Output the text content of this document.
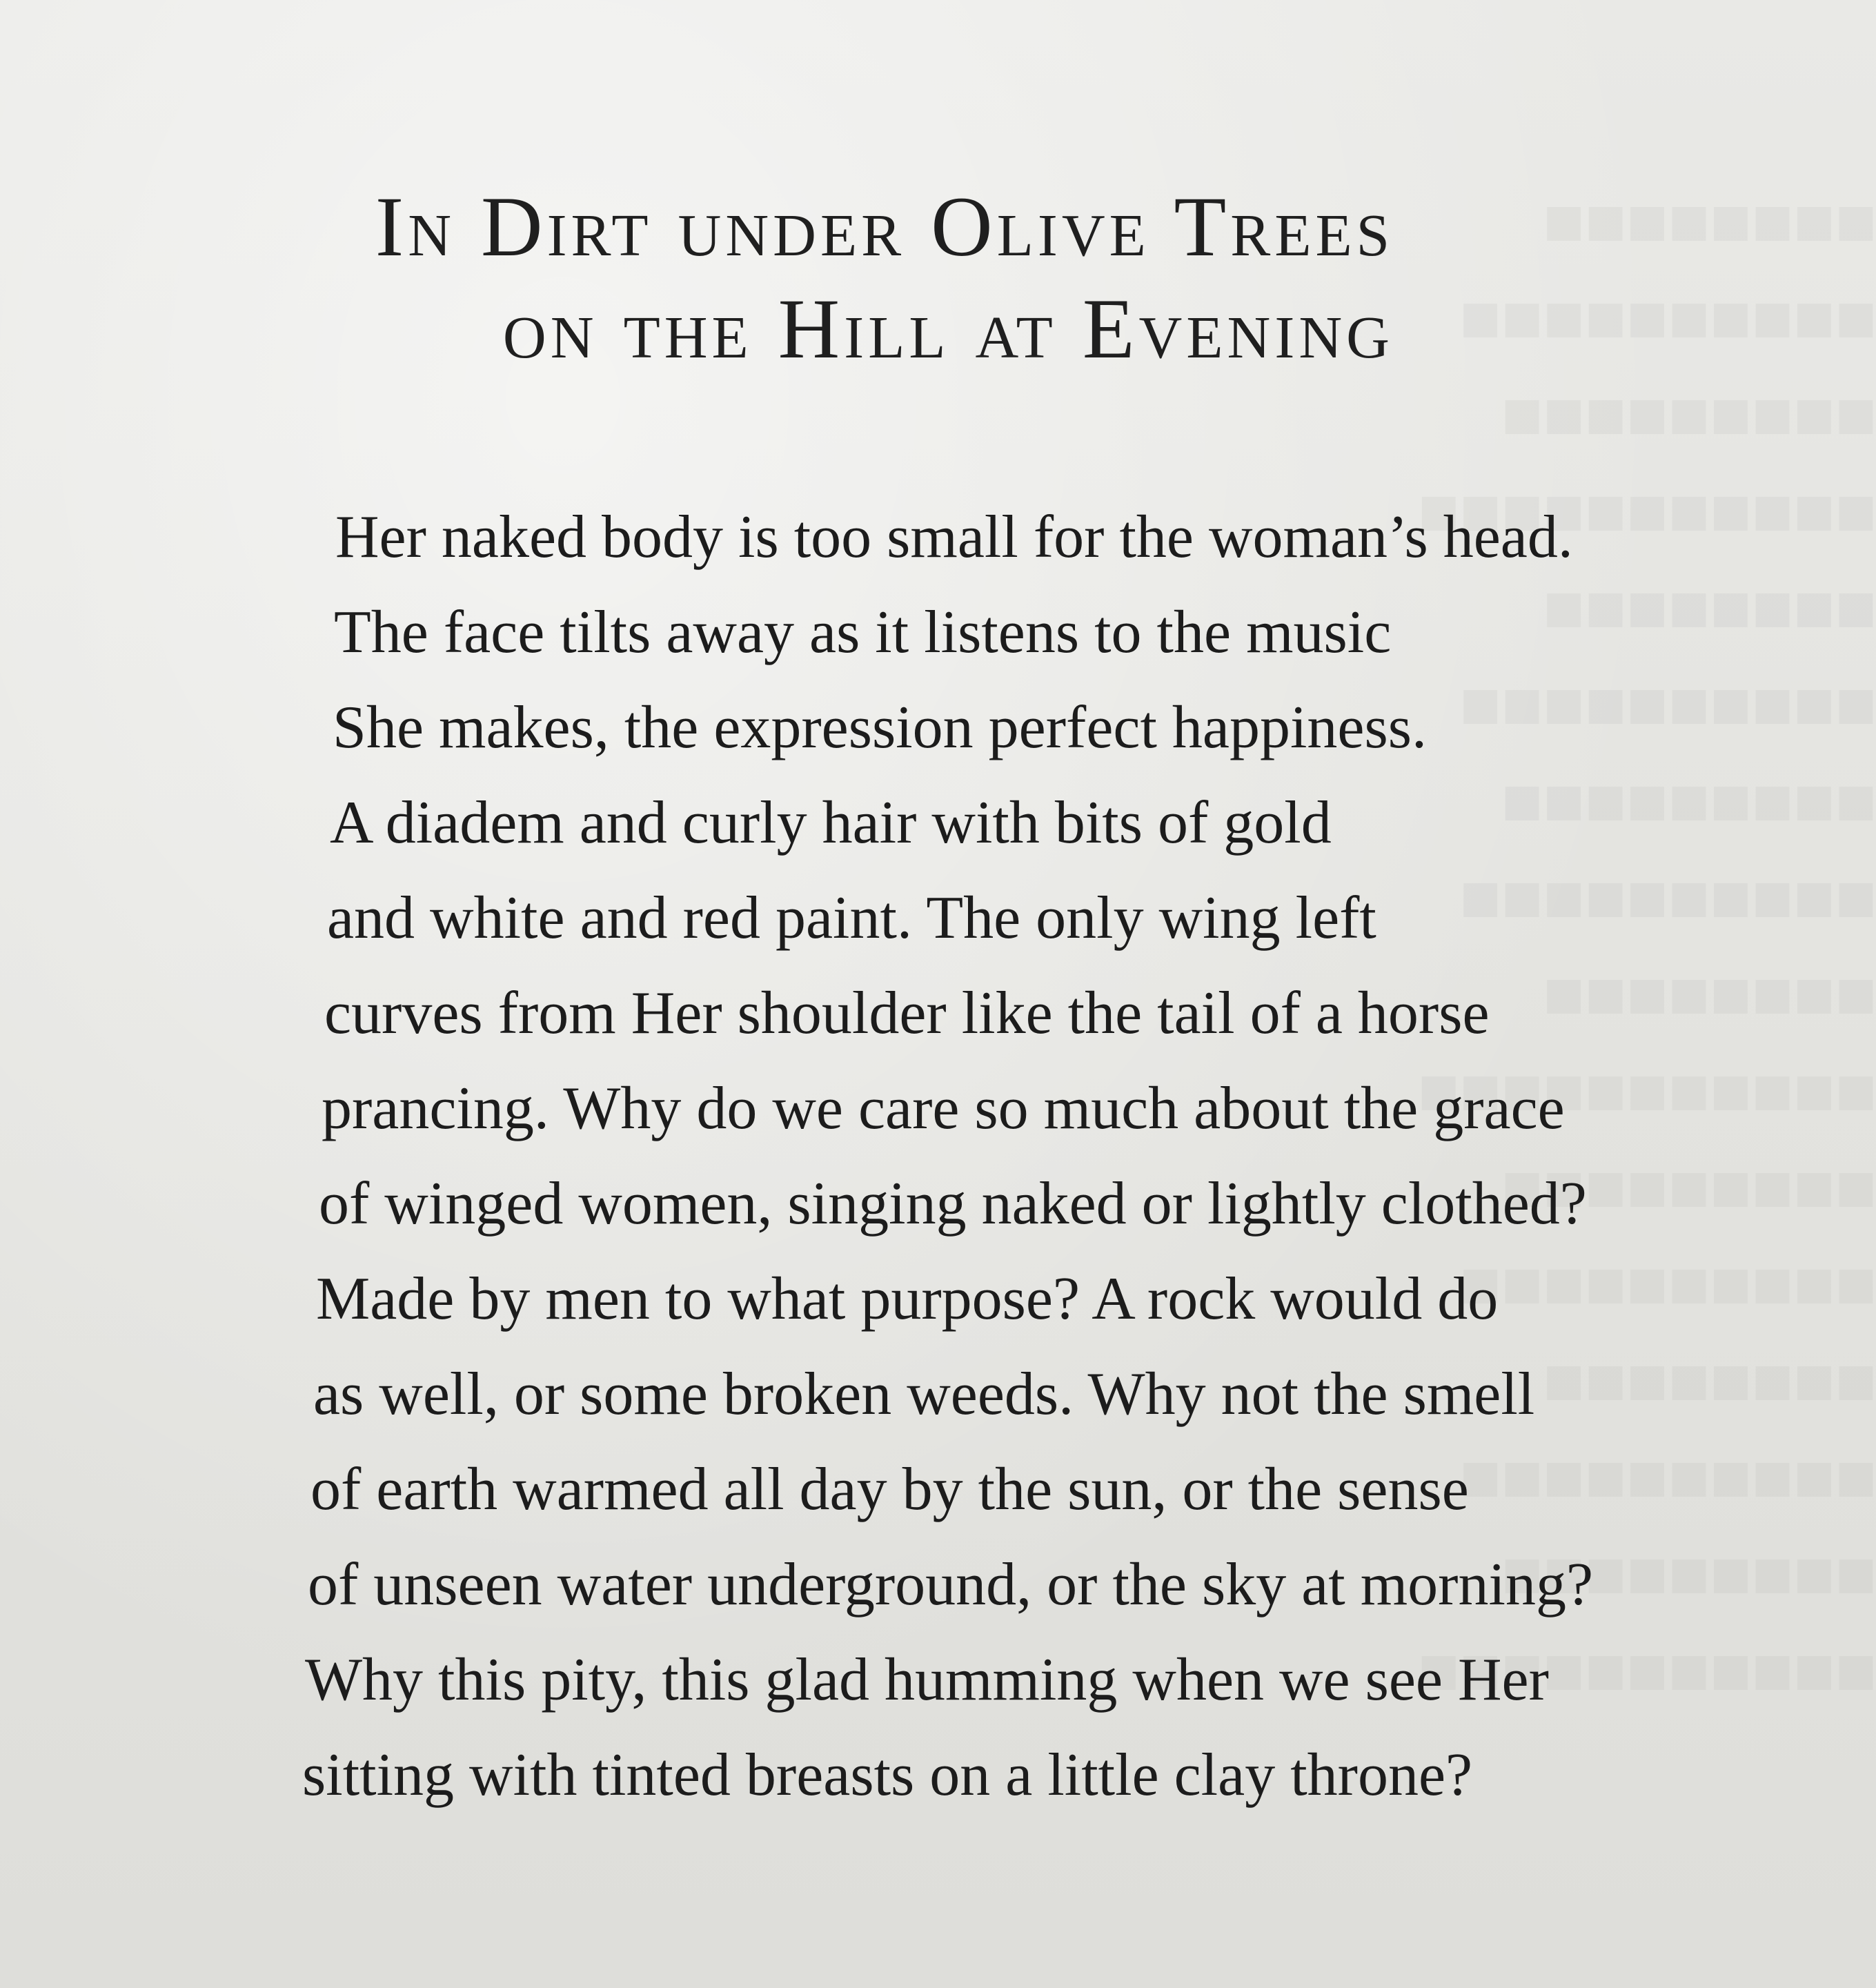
In Dirt under Olive Trees
on the Hill at Evening
Her naked body is too small for the woman’s head.
The face tilts away as it listens to the music
She makes, the expression perfect happiness.
A diadem and curly hair with bits of gold
and white and red paint. The only wing left
curves from Her shoulder like the tail of a horse
prancing. Why do we care so much about the grace
of winged women, singing naked or lightly clothed?
Made by men to what purpose? A rock would do
as well, or some broken weeds. Why not the smell
of earth warmed all day by the sun, or the sense
of unseen water underground, or the sky at morning?
Why this pity, this glad humming when we see Her
sitting with tinted breasts on a little clay throne?
